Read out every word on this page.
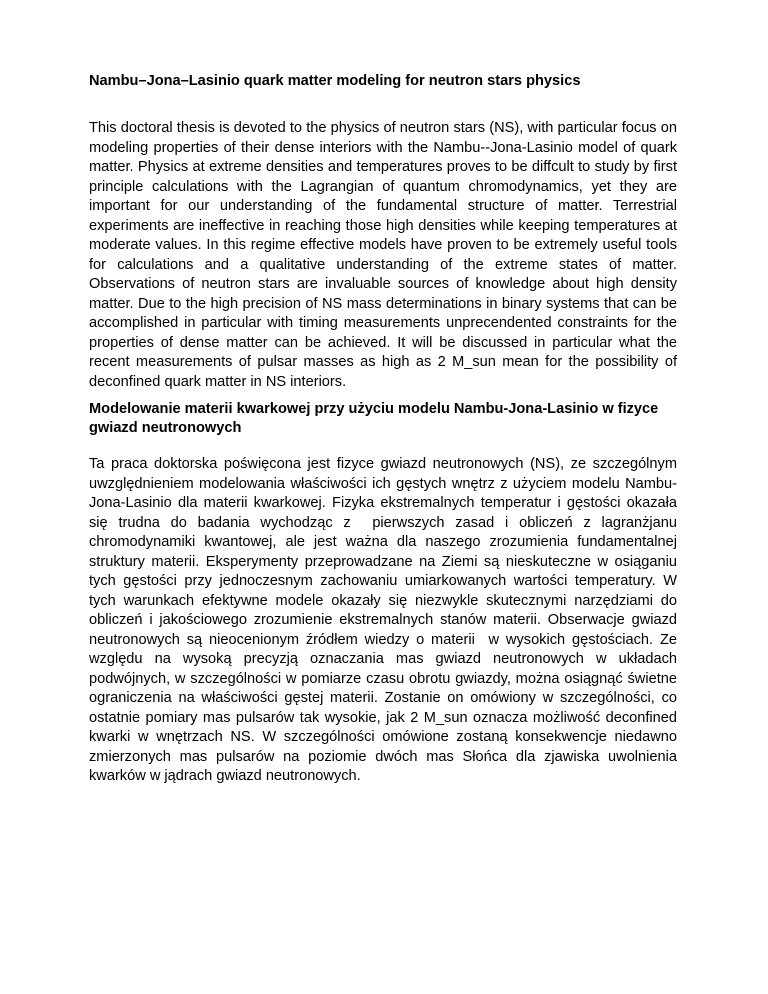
Nambu–Jona–Lasinio quark matter modeling for neutron stars physics

This doctoral thesis is devoted to the physics of neutron stars (NS), with particular focus on modeling properties of their dense interiors with the Nambu--Jona-Lasinio model of quark matter. Physics at extreme densities and temperatures proves to be diffcult to study by first principle calculations with the Lagrangian of quantum chromodynamics, yet they are important for our understanding of the fundamental structure of matter. Terrestrial experiments are ineffective in reaching those high densities while keeping temperatures at moderate values. In this regime effective models have proven to be extremely useful tools for calculations and a qualitative understanding of the extreme states of matter. Observations of neutron stars are invaluable sources of knowledge about high density matter. Due to the high precision of NS mass determinations in binary systems that can be accomplished in particular with timing measurements unprecendented constraints for the properties of dense matter can be achieved. It will be discussed in particular what the recent measurements of pulsar masses as high as 2 M_sun mean for the possibility of deconfined quark matter in NS interiors.

Modelowanie materii kwarkowej przy użyciu modelu Nambu-Jona-Lasinio w fizyce gwiazd neutronowych

Ta praca doktorska poświęcona jest fizyce gwiazd neutronowych (NS), ze szczególnym uwzględnieniem modelowania właściwości ich gęstych wnętrz z użyciem modelu Nambu-Jona-Lasinio dla materii kwarkowej. Fizyka ekstremalnych temperatur i gęstości okazała się trudna do badania wychodząc z  pierwszych zasad i obliczeń z lagranżjanu chromodynamiki kwantowej, ale jest ważna dla naszego zrozumienia fundamentalnej struktury materii. Eksperymenty przeprowadzane na Ziemi są nieskuteczne w osiąganiu tych gęstości przy jednoczesnym zachowaniu umiarkowanych wartości temperatury. W tych warunkach efektywne modele okazały się niezwykle skutecznymi narzędziami do obliczeń i jakościowego zrozumienie ekstremalnych stanów materii. Obserwacje gwiazd neutronowych są nieocenionym źródłem wiedzy o materii  w wysokich gęstościach. Ze względu na wysoką precyzją oznaczania mas gwiazd neutronowych w układach podwójnych, w szczególności w pomiarze czasu obrotu gwiazdy, można osiągnąć świetne ograniczenia na właściwości gęstej materii. Zostanie on omówiony w szczególności, co ostatnie pomiary mas pulsarów tak wysokie, jak 2 M_sun oznacza możliwość deconfined kwarki w wnętrzach NS. W szczególności omówione zostaną konsekwencje niedawno zmierzonych mas pulsarów na poziomie dwóch mas Słońca dla zjawiska uwolnienia kwarków w jądrach gwiazd neutronowych.
